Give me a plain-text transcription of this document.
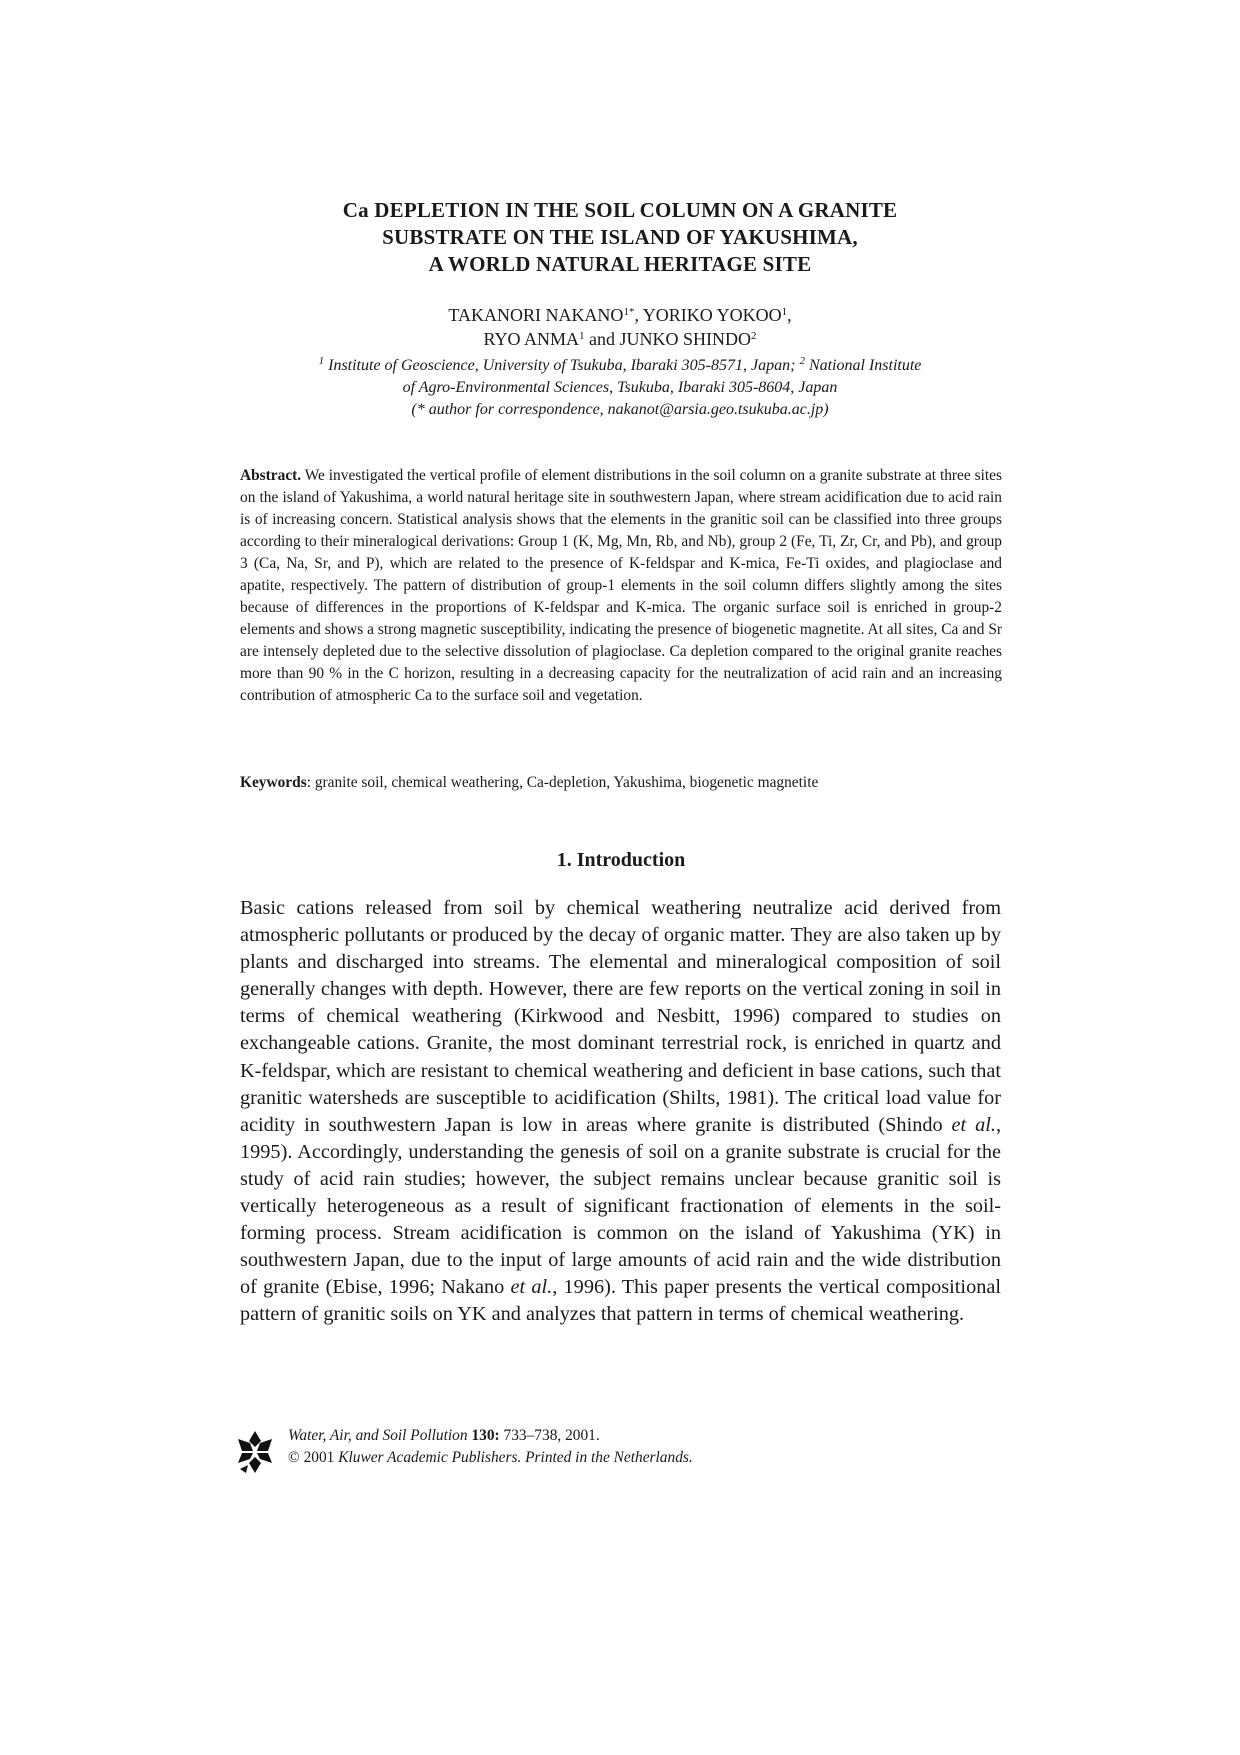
Ca DEPLETION IN THE SOIL COLUMN ON A GRANITE
SUBSTRATE ON THE ISLAND OF YAKUSHIMA,
A WORLD NATURAL HERITAGE SITE
TAKANORI $NAKANO^{1*}$, YORIKO YOKOO$^1$,
RYO ANMA$^1$ and JUNKO SHINDO$^2$
$^1$ Institute of Geoscience, University of Tsukuba, Ibaraki 305-8571, Japan; $^2$ National Institute
of Agro-Environmental Sciences, Tsukuba, Ibaraki 305-8604, Japan
(* author for correspondence, nakanot@arsia.geo.tsukuba.ac.jp)
Abstract. We investigated the vertical profile of element distributions in the soil column on a granite substrate at three sites on the island of Yakushima, a world natural heritage site in southwestern Japan, where stream acidification due to acid rain is of increasing concern. Statistical analysis shows that the elements in the granitic soil can be classified into three groups according to their mineralogical derivations: Group 1 (K, Mg, Mn, Rb, and Nb), group 2 (Fe, Ti, Zr, Cr, and Pb), and group 3 (Ca, Na, Sr, and P), which are related to the presence of K-feldspar and K-mica, Fe-Ti oxides, and plagioclase and apatite, respectively. The pattern of distribution of group-1 elements in the soil column differs slightly among the sites because of differences in the proportions of K-feldspar and K-mica. The organic surface soil is enriched in group-2 elements and shows a strong magnetic susceptibility, indicating the presence of biogenetic magnetite. At all sites, Ca and Sr are intensely depleted due to the selective dissolution of plagioclase. Ca depletion compared to the original granite reaches more than 90 % in the C horizon, resulting in a decreasing capacity for the neutralization of acid rain and an increasing contribution of atmospheric Ca to the surface soil and vegetation.
Keywords: granite soil, chemical weathering, Ca-depletion, Yakushima, biogenetic magnetite
1. Introduction
Basic cations released from soil by chemical weathering neutralize acid derived from atmospheric pollutants or produced by the decay of organic matter. They are also taken up by plants and discharged into streams. The elemental and mineralogical composition of soil generally changes with depth. However, there are few reports on the vertical zoning in soil in terms of chemical weathering (Kirkwood and Nesbitt, 1996) compared to studies on exchangeable cations. Granite, the most dominant terrestrial rock, is enriched in quartz and K-feldspar, which are resistant to chemical weathering and deficient in base cations, such that granitic watersheds are susceptible to acidification (Shilts, 1981). The critical load value for acidity in southwestern Japan is low in areas where granite is distributed (Shindo et al., 1995). Accordingly, understanding the genesis of soil on a granite substrate is crucial for the study of acid rain studies; however, the subject remains unclear because granitic soil is vertically heterogeneous as a result of significant fractionation of elements in the soil-forming process. Stream acidification is common on the island of Yakushima (YK) in southwestern Japan, due to the input of large amounts of acid rain and the wide distribution of granite (Ebise, 1996; Nakano et al., 1996). This paper presents the vertical compositional pattern of granitic soils on YK and analyzes that pattern in terms of chemical weathering.
Water, Air, and Soil Pollution 130: 733–738, 2001.
© 2001 Kluwer Academic Publishers. Printed in the Netherlands.
